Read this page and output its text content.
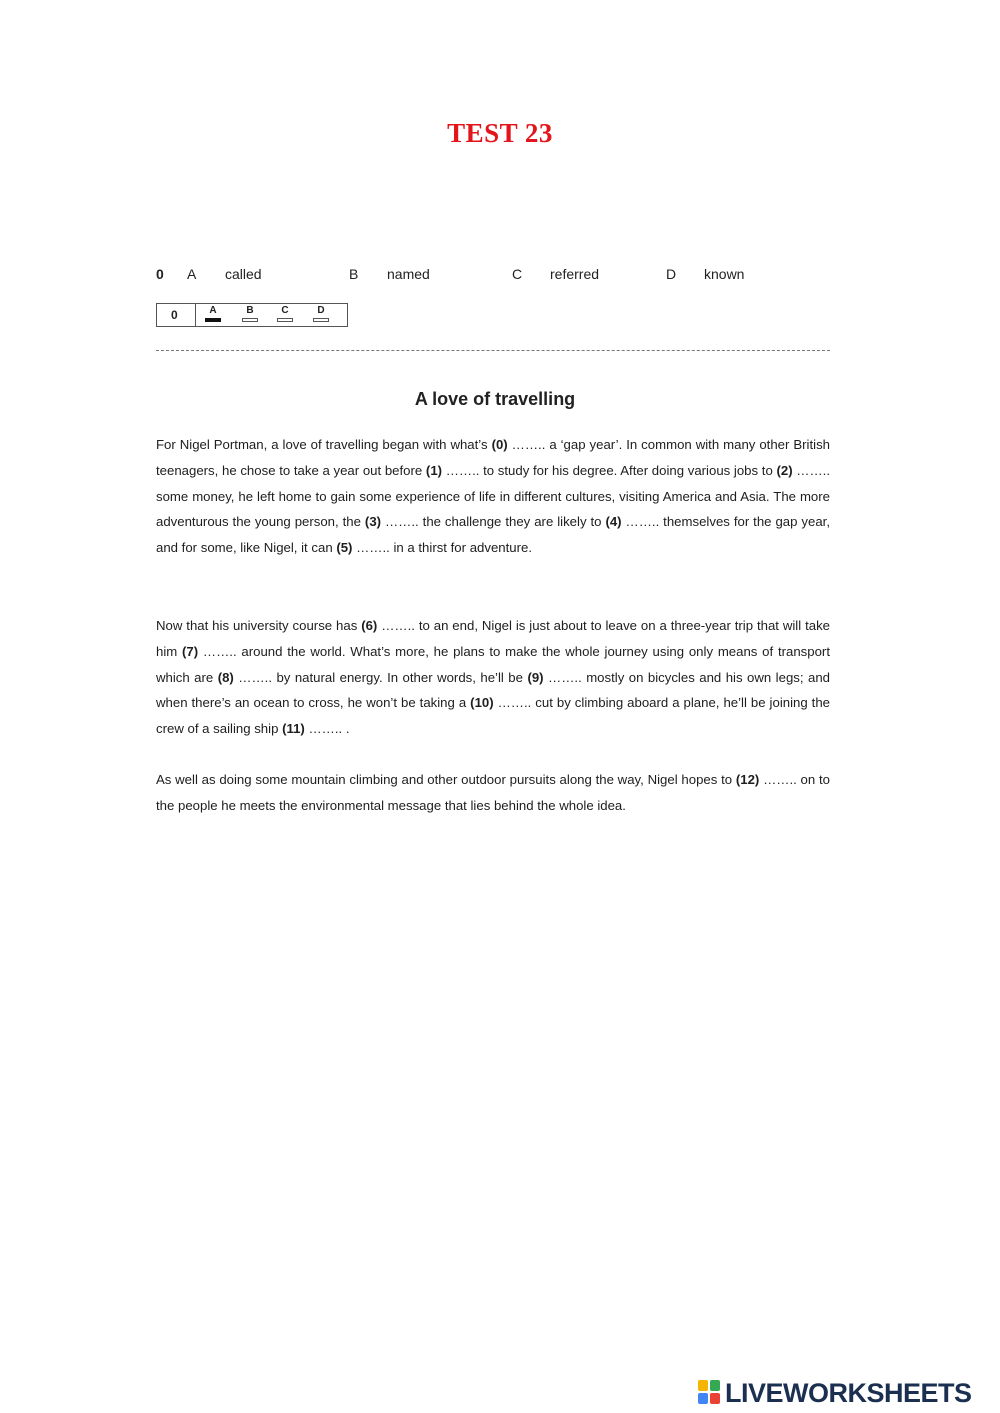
TEST 23
0 A called	B named	C referred	D known
0	A	B	C	D
A love of travelling

For Nigel Portman, a love of travelling began with what’s (0) …….. a ‘gap year’. In common with many other British teenagers, he chose to take a year out before (1) …….. to study for his degree. After doing various jobs to (2) …….. some money, he left home to gain some experience of life in different cultures, visiting America and Asia. The more adventurous the young person, the (3) …….. the challenge they are likely to (4) …….. themselves for the gap year, and for some, like Nigel, it can (5) …….. in a thirst for adventure.

Now that his university course has (6) …….. to an end, Nigel is just about to leave on a three-year trip that will take him (7) …….. around the world. What’s more, he plans to make the whole journey using only means of transport which are (8) …….. by natural energy. In other words, he’ll be (9) …….. mostly on bicycles and his own legs; and when there’s an ocean to cross, he won’t be taking a (10) …….. cut by climbing aboard a plane, he’ll be joining the crew of a sailing ship (11) …….. .

As well as doing some mountain climbing and other outdoor pursuits along the way, Nigel hopes to (12) …….. on to the people he meets the environmental message that lies behind the whole idea.

LIVEWORKSHEETS
